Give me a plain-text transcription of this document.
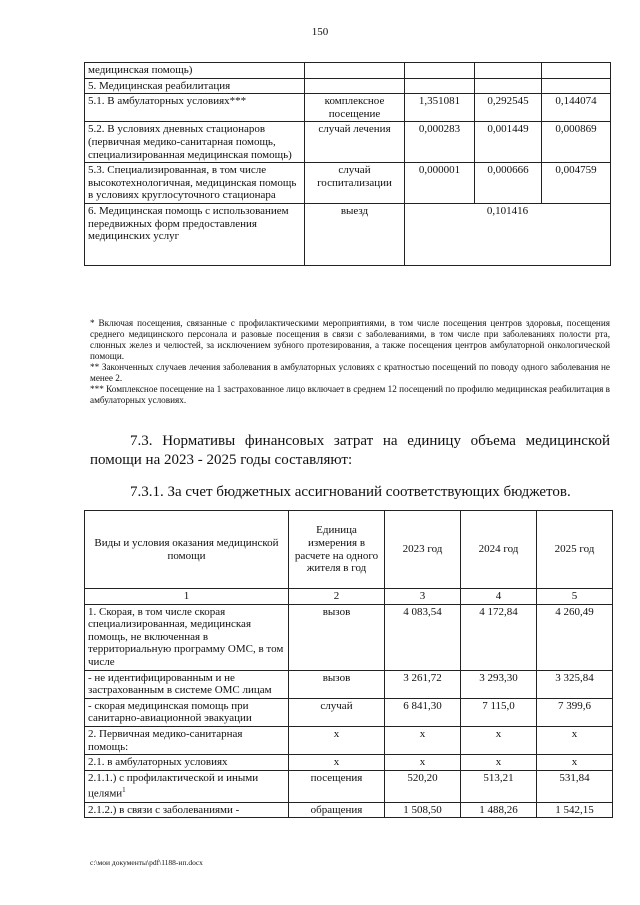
150
медицинская помощь)				
5. Медицинская реабилитация				
5.1. В амбулаторных условиях***	комплексное посещение	1,351081	0,292545	0,144074
5.2. В условиях дневных стационаров (первичная медико-санитарная помощь, специализированная медицинская помощь)	случай лечения	0,000283	0,001449	0,000869
5.3. Специализированная, в том числе высокотехнологичная, медицинская помощь в условиях круглосуточного стационара	случай госпитализации	0,000001	0,000666	0,004759
6. Медицинская помощь с использованием передвижных форм предоставления медицинских услуг	выезд	0,101416		

* Включая посещения, связанные с профилактическими мероприятиями, в том числе посещения центров здоровья, посещения среднего медицинского персонала и разовые посещения в связи с заболеваниями, в том числе при заболеваниях полости рта, слюнных желез и челюстей, за исключением зубного протезирования, а также посещения центров амбулаторной онкологической помощи.

** Законченных случаев лечения заболевания в амбулаторных условиях с кратностью посещений по поводу одного заболевания не менее 2.

*** Комплексное посещение на 1 застрахованное лицо включает в среднем 12 посещений по профилю медицинская реабилитация в амбулаторных условиях.

7.3. Нормативы финансовых затрат на единицу объема медицинской помощи на 2023 - 2025 годы составляют:
7.3.1. За счет бюджетных ассигнований соответствующих бюджетов.
Виды и условия оказания медицинской помощи	Единица измерения в расчете на одного жителя в год	2023 год	2024 год	2025 год
1	2	3	4	5
1. Скорая, в том числе скорая специализированная, медицинская помощь, не включенная в территориальную программу ОМС, в том числе	вызов	4 083,54	4 172,84	4 260,49
- не идентифицированным и не застрахованным в системе ОМС лицам	вызов	3 261,72	3 293,30	3 325,84
- скорая медицинская помощь при санитарно-авиационной эвакуации	случай	6 841,30	7 115,0	7 399,6
2. Первичная медико-санитарная помощь:	х	х	х	х
2.1. в амбулаторных условиях	х	х	х	х
2.1.1.) с профилактической и иными целями$^1$	посещения	520,20	513,21	531,84
2.1.2.) в связи с заболеваниями -	обращения	1 508,50	1 488,26	1 542,15
c:\мои документы\pdf\1188-ип.docx
